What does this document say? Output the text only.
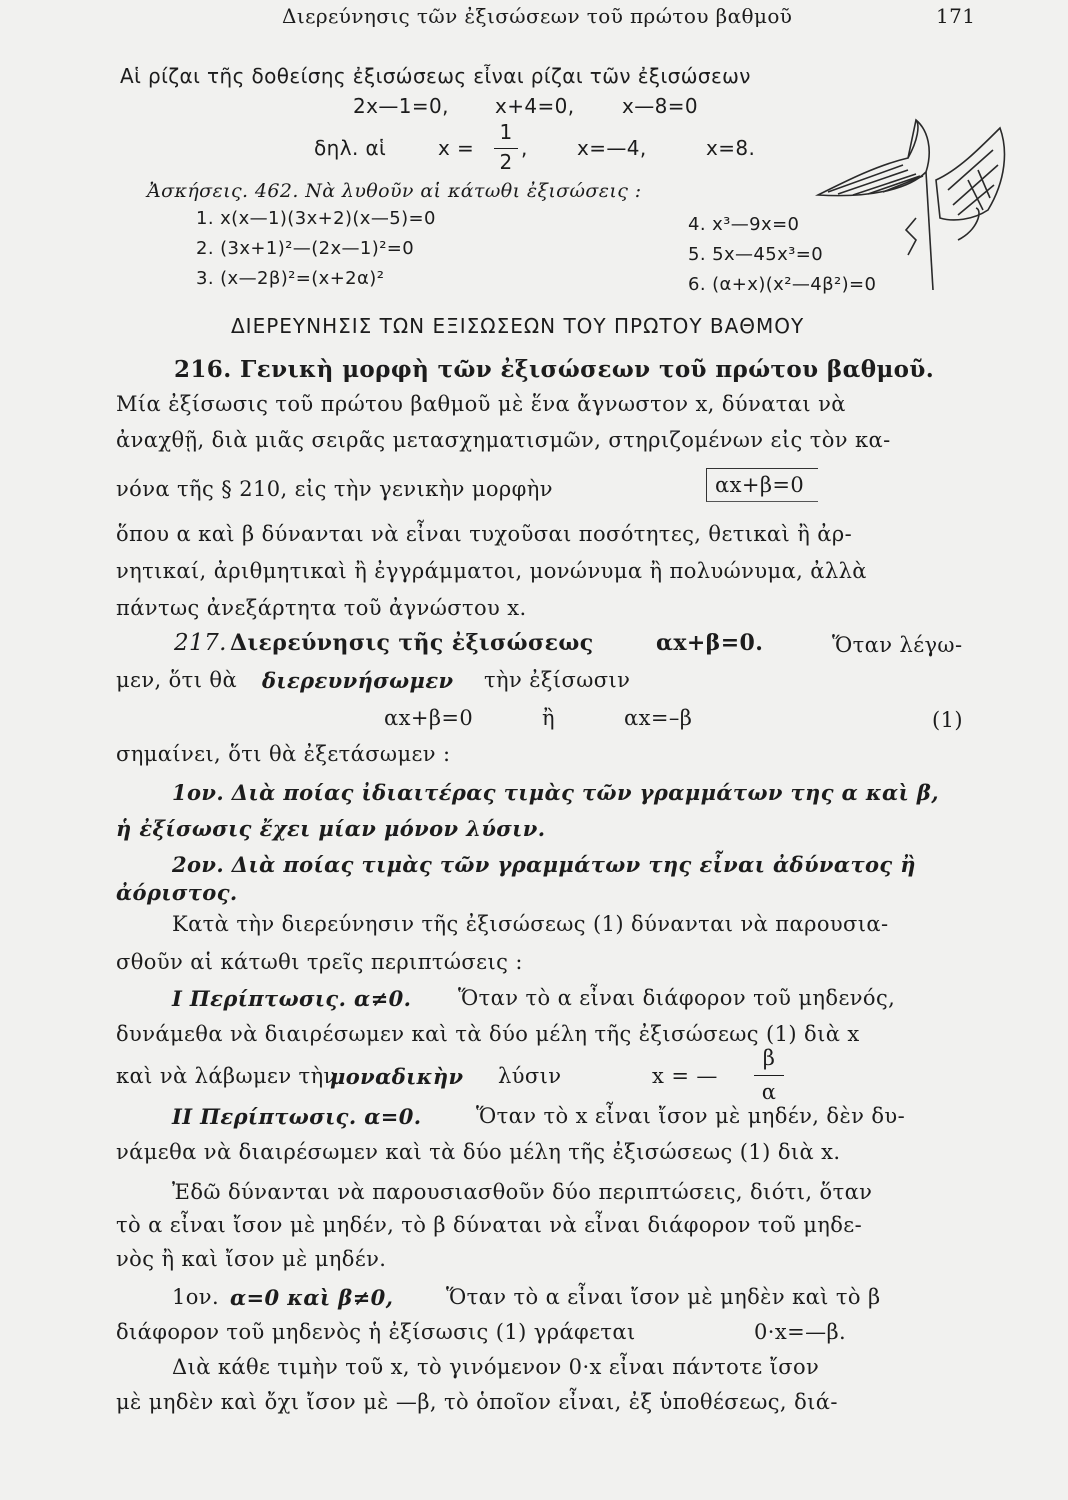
Διερεύνησις τῶν ἐξισώσεων τοῦ πρώτου βαθμοῦ	171
Αἱ ρίζαι τῆς δοθείσης ἐξισώσεως εἶναι ρίζαι τῶν ἐξισώσεων
2x—1=0, x+4=0, x—8=0
δηλ. αἱ	x =
1
2
, x=—4,	x=8.
Ἀσκήσεις. 462. Νὰ λυθοῦν αἱ κάτωθι ἐξισώσεις :
1. x(x—1)(3x+2)(x—5)=0
2. (3x+1)²—(2x—1)²=0
3. (x—2β)²=(x+2α)²
4. x³—9x=0
5. 5x—45x³=0
6. (α+x)(x²—4β²)=0
ΔΙΕΡΕΥΝΗΣΙΣ ΤΩΝ ΕΞΙΣΩΣΕΩΝ ΤΟΥ ΠΡΩΤΟΥ ΒΑΘΜΟΥ
216. Γενικὴ μορφὴ τῶν ἐξισώσεων τοῦ πρώτου βαθμοῦ.
Μία ἐξίσωσις τοῦ πρώτου βαθμοῦ μὲ ἕνα ἄγνωστον x, δύναται νὰ
ἀναχθῇ, διὰ μιᾶς σειρᾶς μετασχηματισμῶν, στηριζομένων εἰς τὸν κα-
νόνα τῆς § 210, εἰς τὴν γενικὴν μορφὴν	αx+β=0
ὅπου α καὶ β δύνανται νὰ εἶναι τυχοῦσαι ποσότητες, θετικαὶ ἢ ἀρ-
νητικαί, ἀριθμητικαὶ ἢ ἐγγράμματοι, μονώνυμα ἢ πολυώνυμα, ἀλλὰ
πάντως ἀνεξάρτητα τοῦ ἀγνώστου x.
217. Διερεύνησις τῆς ἐξισώσεως	αx+β=0.	Ὅταν λέγω-
μεν, ὅτι θὰ διερευνήσωμεν τὴν ἐξίσωσιν
αx+β=0	ἢ	αx=–β	(1)
σημαίνει, ὅτι θὰ ἐξετάσωμεν :
1ον. Διὰ ποίας ἰδιαιτέρας τιμὰς τῶν γραμμάτων της α καὶ β,
ἡ ἐξίσωσις ἔχει μίαν μόνον λύσιν.
2ον. Διὰ ποίας τιμὰς τῶν γραμμάτων της εἶναι ἀδύνατος ἢ
ἀόριστος.
Κατὰ τὴν διερεύνησιν τῆς ἐξισώσεως (1) δύνανται νὰ παρουσια-
σθοῦν αἱ κάτωθι τρεῖς περιπτώσεις :
Ι Περίπτωσις. α≠0. Ὅταν τὸ α εἶναι διάφορον τοῦ μηδενός,
δυνάμεθα νὰ διαιρέσωμεν καὶ τὰ δύο μέλη τῆς ἐξισώσεως (1) διὰ x
καὶ νὰ λάβωμεν τὴν
μοναδικὴν λύσιν	x = —
β
α
ΙΙ Περίπτωσις. α=0.	Ὅταν τὸ x εἶναι ἴσον μὲ μηδέν, δὲν δυ-
νάμεθα νὰ διαιρέσωμεν καὶ τὰ δύο μέλη τῆς ἐξισώσεως (1) διὰ x.
Ἐδῶ δύνανται νὰ παρουσιασθοῦν δύο περιπτώσεις, διότι, ὅταν
τὸ α εἶναι ἴσον μὲ μηδέν, τὸ β δύναται νὰ εἶναι διάφορον τοῦ μηδε-
νὸς ἢ καὶ ἴσον μὲ μηδέν.
1ον. α=0 καὶ β≠0,	Ὅταν τὸ α εἶναι ἴσον μὲ μηδὲν καὶ τὸ β
διάφορον τοῦ μηδενὸς ἡ ἐξίσωσις (1) γράφεται	0·x=—β.
Διὰ κάθε τιμὴν τοῦ x, τὸ γινόμενον 0·x εἶναι πάντοτε ἴσον
μὲ μηδὲν καὶ ὄχι ἴσον μὲ —β, τὸ ὁποῖον εἶναι, ἐξ ὑποθέσεως, διά-
